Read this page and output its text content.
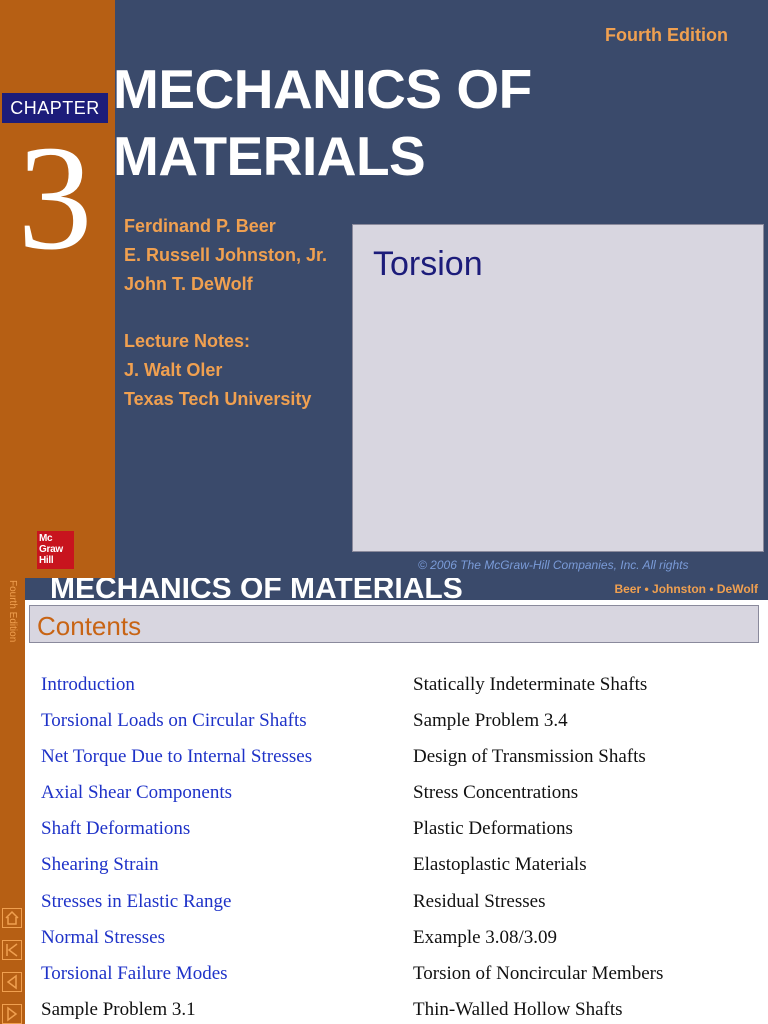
CHAPTER
3
Fourth Edition
MECHANICS OF
MATERIALS
Ferdinand P. Beer
E. Russell Johnston, Jr.
John T. DeWolf
Lecture Notes:
J. Walt Oler
Texas Tech University
Torsion
Mc
Graw
Hill	© 2006 The McGraw-Hill Companies, Inc. All rights
Fourth Edition MECHANICS OF MATERIALS	Beer • Johnston • DeWolf
Contents
Introduction
Torsional Loads on Circular Shafts
Net Torque Due to Internal Stresses
Axial Shear Components
Shaft Deformations
Shearing Strain
Stresses in Elastic Range
Normal Stresses
Torsional Failure Modes
Sample Problem 3.1
Statically Indeterminate Shafts
Sample Problem 3.4
Design of Transmission Shafts
Stress Concentrations
Plastic Deformations
Elastoplastic Materials
Residual Stresses
Example 3.08/3.09
Torsion of Noncircular Members
Thin-Walled Hollow Shafts
